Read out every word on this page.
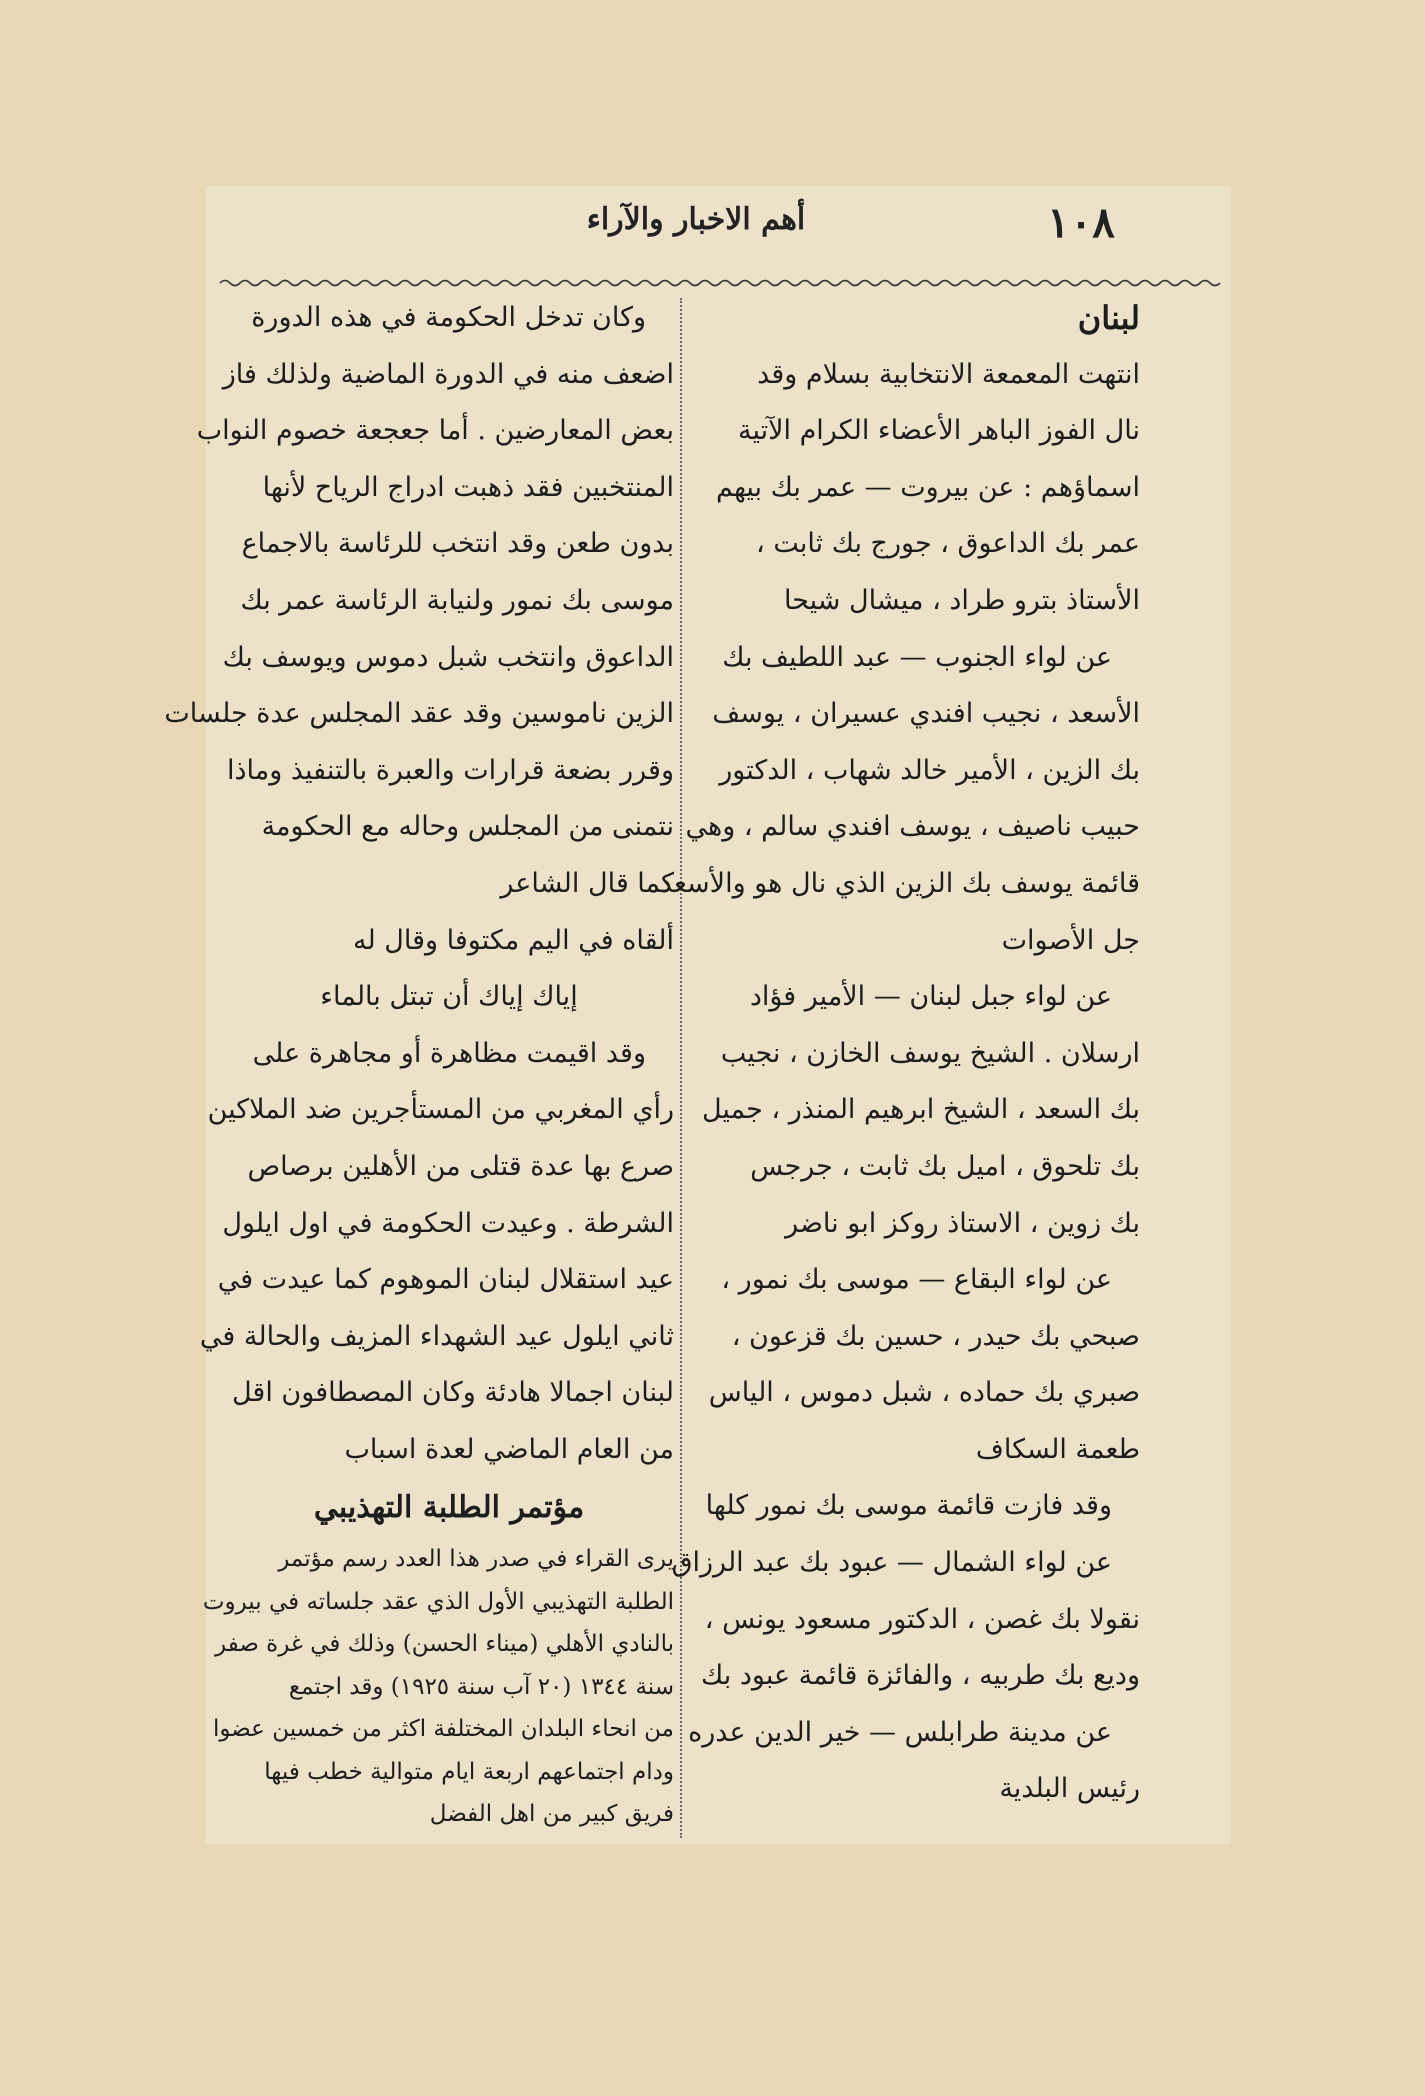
١٠٨
أهم الاخبار والآراء
لبنان
انتهت المعمعة الانتخابية بسلام وقد
نال الفوز الباهر الأعضاء الكرام الآتية
اسماؤهم : عن بيروت — عمر بك بيهم
عمر بك الداعوق ، جورج بك ثابت ،
الأستاذ بترو طراد ، ميشال شيحا
عن لواء الجنوب — عبد اللطيف بك
الأسعد ، نجيب افندي عسيران ، يوسف
بك الزين ، الأمير خالد شهاب ، الدكتور
حبيب ناصيف ، يوسف افندي سالم ، وهي
قائمة يوسف بك الزين الذي نال هو والأسعد
جل الأصوات
عن لواء جبل لبنان — الأمير فؤاد
ارسلان . الشيخ يوسف الخازن ، نجيب
بك السعد ، الشيخ ابرهيم المنذر ، جميل
بك تلحوق ، اميل بك ثابت ، جرجس
بك زوين ، الاستاذ روكز ابو ناضر
عن لواء البقاع — موسى بك نمور ،
صبحي بك حيدر ، حسين بك قزعون ،
صبري بك حماده ، شبل دموس ، الياس
طعمة السكاف
وقد فازت قائمة موسى بك نمور كلها
عن لواء الشمال — عبود بك عبد الرزاق
نقولا بك غصن ، الدكتور مسعود يونس ،
وديع بك طربيه ، والفائزة قائمة عبود بك
عن مدينة طرابلس — خير الدين عدره
رئيس البلدية
وكان تدخل الحكومة في هذه الدورة
اضعف منه في الدورة الماضية ولذلك فاز
بعض المعارضين . أما جعجعة خصوم النواب
المنتخبين فقد ذهبت ادراج الرياح لأنها
بدون طعن وقد انتخب للرئاسة بالاجماع
موسى بك نمور ولنيابة الرئاسة عمر بك
الداعوق وانتخب شبل دموس ويوسف بك
الزين ناموسين وقد عقد المجلس عدة جلسات
وقرر بضعة قرارات والعبرة بالتنفيذ وماذا
نتمنى من المجلس وحاله مع الحكومة
كما قال الشاعر
ألقاه في اليم مكتوفا وقال له
إياك إياك أن تبتل بالماء
وقد اقيمت مظاهرة أو مجاهرة على
رأي المغربي من المستأجرين ضد الملاكين
صرع بها عدة قتلى من الأهلين برصاص
الشرطة . وعيدت الحكومة في اول ايلول
عيد استقلال لبنان الموهوم كما عيدت في
ثاني ايلول عيد الشهداء المزيف والحالة في
لبنان اجمالا هادئة وكان المصطافون اقل
من العام الماضي لعدة اسباب
مؤتمر الطلبة التهذيبي
يرى القراء في صدر هذا العدد رسم مؤتمر
الطلبة التهذيبي الأول الذي عقد جلساته في بيروت
بالنادي الأهلي (ميناء الحسن) وذلك في غرة صفر
سنة ١٣٤٤ (٢٠ آب سنة ١٩٢٥) وقد اجتمع
من انحاء البلدان المختلفة اكثر من خمسين عضوا
ودام اجتماعهم اربعة ايام متوالية خطب فيها
فريق كبير من اهل الفضل
